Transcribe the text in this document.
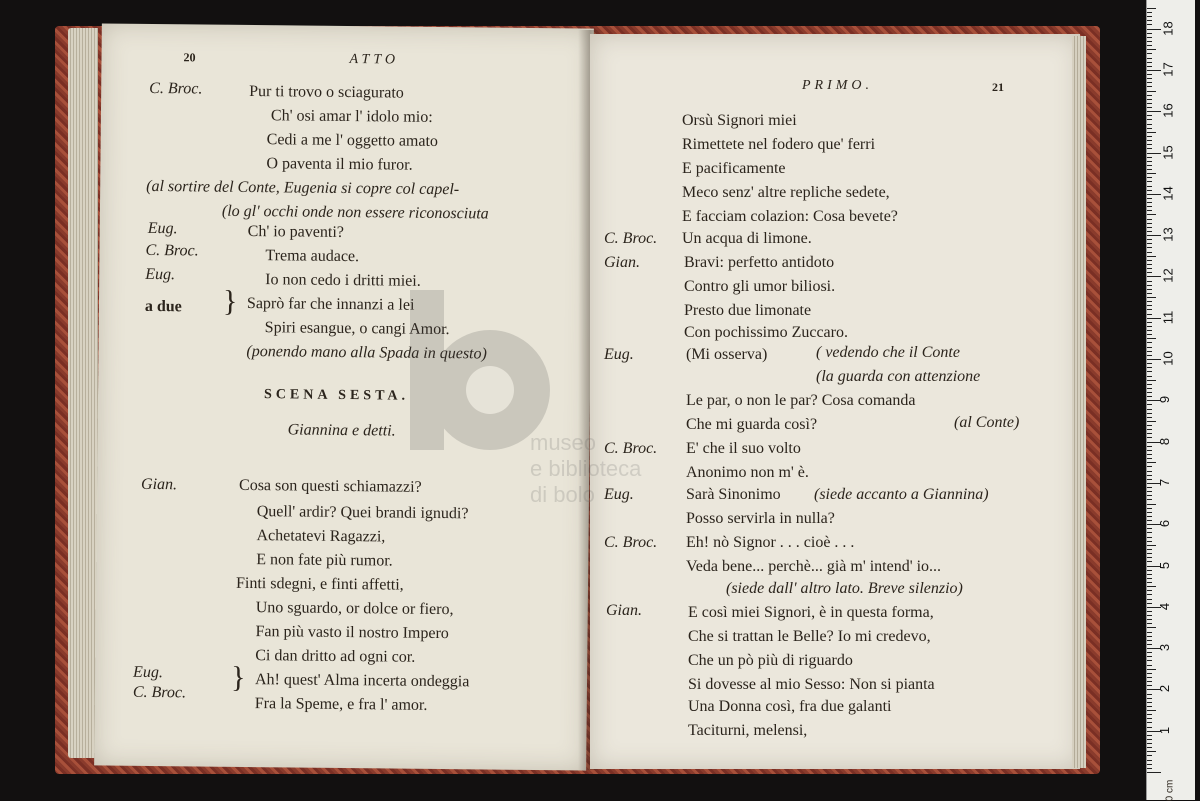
20	ATTO
C. Broc.	Pur ti trovo o sciagurato
Ch' osi amar l' idolo mio:
Cedi a me l' oggetto amato
O paventa il mio furor.
(al sortire del Conte, Eugenia si copre col capel-
(lo gl' occhi onde non essere riconosciuta
Eug.	Ch' io paventi?
C. Broc.	Trema audace.
Eug.	Io non cedo i dritti miei.
a due } Saprò far che innanzi a lei
Spiri esangue, o cangi Amor.
(ponendo mano alla Spada in questo)
SCENA SESTA.
Giannina e detti.
Gian.	Cosa son questi schiamazzi?
Quell' ardir? Quei brandi ignudi?
Achetatevi Ragazzi,
E non fate più rumor.
Finti sdegni, e finti affetti,
Uno sguardo, or dolce or fiero,
Fan più vasto il nostro Impero
Ci dan dritto ad ogni cor.
Eug.
C. Broc. } Ah! quest' Alma incerta ondeggia
Fra la Speme, e fra l' amor.
PRIMO.	21
Orsù Signori miei
Rimettete nel fodero que' ferri
E pacificamente
Meco senz' altre repliche sedete,
E facciam colazion: Cosa bevete?
C. Broc. Un acqua di limone.
Gian.	Bravi: perfetto antidoto
Contro gli umor biliosi.
Presto due limonate
Con pochissimo Zuccaro.
Eug.	(Mi osserva)	( vedendo che il Conte
(la guarda con attenzione
Le par, o non le par? Cosa comanda
Che mi guarda così?	(al Conte)
C. Broc. E' che il suo volto
Anonimo non m' è.
Eug.	Sarà Sinonimo (siede accanto a Giannina)
Posso servirla in nulla?
C. Broc. Eh! nò Signor . . . cioè . . .
Veda bene... perchè... già m' intend' io...
(siede dall' altro lato. Breve silenzio)
Gian.	E così miei Signori, è in questa forma,
Che si trattan le Belle? Io mi credevo,
Che un pò più di riguardo
Si dovesse al mio Sesso: Non si pianta
Una Donna così, fra due galanti
Taciturni, melensi,
0 cm
1
2
3
4
5
6
7
8
9
10
11
12
13
14
15
16
17
18
